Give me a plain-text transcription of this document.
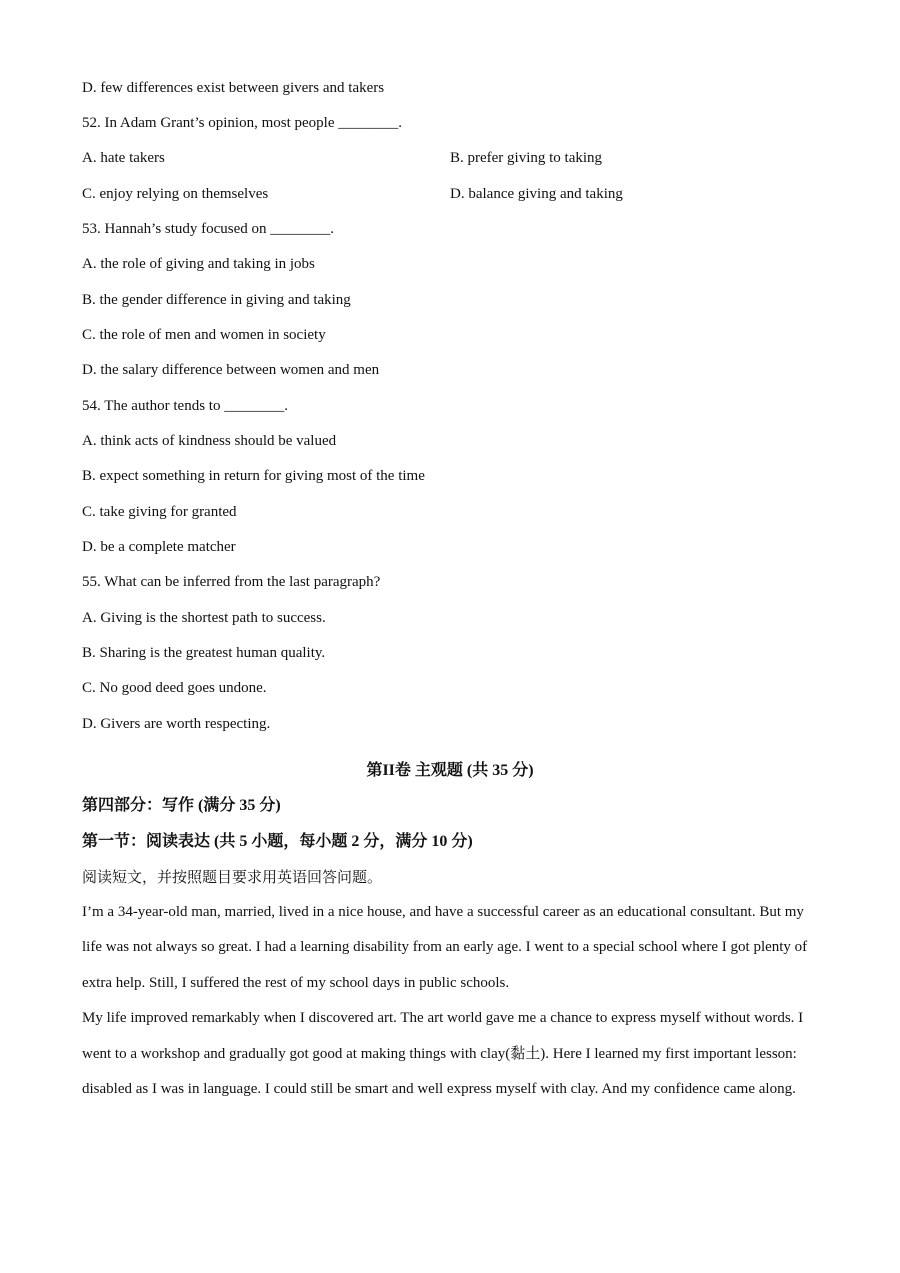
D. few differences exist between givers and takers
52. In Adam Grant’s opinion, most people ________.
A. hate takers	B. prefer giving to taking
C. enjoy relying on themselves	D. balance giving and taking
53. Hannah’s study focused on ________.
A. the role of giving and taking in jobs
B. the gender difference in giving and taking
C. the role of men and women in society
D. the salary difference between women and men
54. The author tends to ________.
A. think acts of kindness should be valued
B. expect something in return for giving most of the time
C. take giving for granted
D. be a complete matcher
55. What can be inferred from the last paragraph?
A. Giving is the shortest path to success.
B. Sharing is the greatest human quality.
C. No good deed goes undone.
D. Givers are worth respecting.
第II卷 主观题 (共 35 分)
第四部分：写作 (满分 35 分)
第一节：阅读表达 (共 5 小题，每小题 2 分，满分 10 分)
阅读短文，并按照题目要求用英语回答问题。

I’m a 34-year-old man, married, lived in a nice house, and have a successful career as an educational consultant. But my life was not always so great. I had a learning disability from an early age. I went to a special school where I got plenty of extra help. Still, I suffered the rest of my school days in public schools.

My life improved remarkably when I discovered art. The art world gave me a chance to express myself without words. I went to a workshop and gradually got good at making things with clay(黏土). Here I learned my first important lesson: disabled as I was in language. I could still be smart and well express myself with clay. And my confidence came along.
